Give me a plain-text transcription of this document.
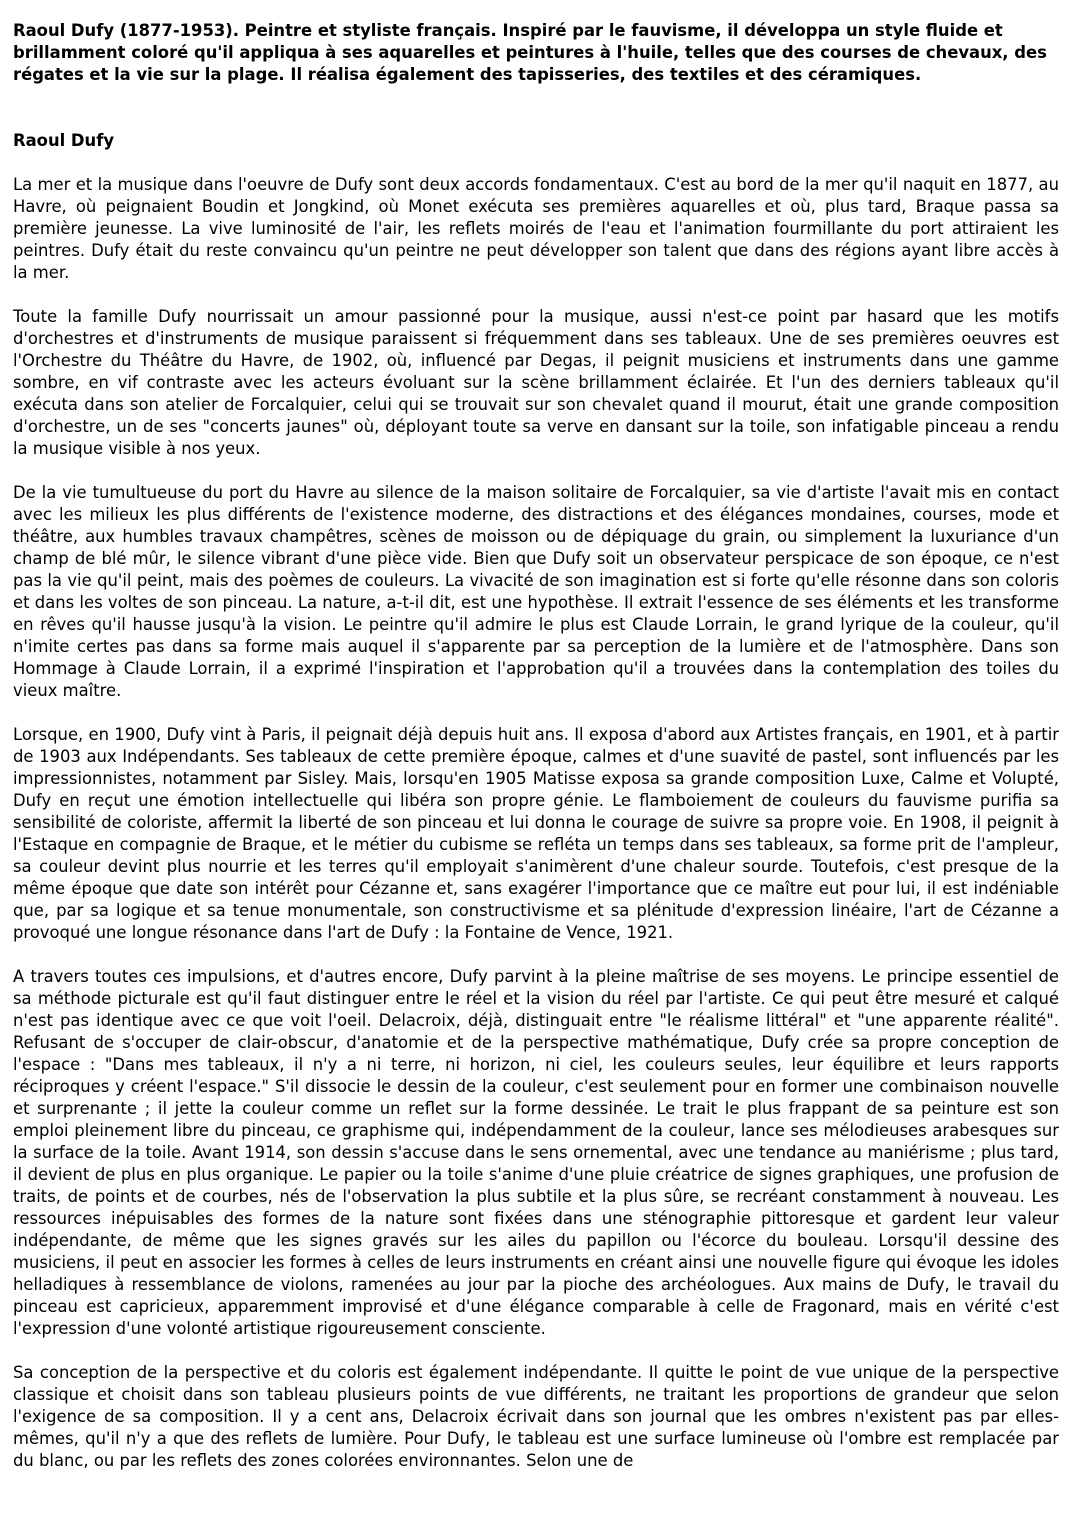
Raoul Dufy (1877-1953). Peintre et styliste français. Inspiré par le fauvisme, il développa un style fluide et brillamment coloré qu'il appliqua à ses aquarelles et peintures à l'huile, telles que des courses de chevaux, des régates et la vie sur la plage. Il réalisa également des tapisseries, des textiles et des céramiques.

Raoul Dufy

La mer et la musique dans l'oeuvre de Dufy sont deux accords fondamentaux. C'est au bord de la mer qu'il naquit en 1877, au Havre, où peignaient Boudin et Jongkind, où Monet exécuta ses premières aquarelles et où, plus tard, Braque passa sa première jeunesse. La vive luminosité de l'air, les reflets moirés de l'eau et l'animation fourmillante du port attiraient les peintres. Dufy était du reste convaincu qu'un peintre ne peut développer son talent que dans des régions ayant libre accès à la mer.

Toute la famille Dufy nourrissait un amour passionné pour la musique, aussi n'est-ce point par hasard que les motifs d'orchestres et d'instruments de musique paraissent si fréquemment dans ses tableaux. Une de ses premières oeuvres est l'Orchestre du Théâtre du Havre, de 1902, où, influencé par Degas, il peignit musiciens et instruments dans une gamme sombre, en vif contraste avec les acteurs évoluant sur la scène brillamment éclairée. Et l'un des derniers tableaux qu'il exécuta dans son atelier de Forcalquier, celui qui se trouvait sur son chevalet quand il mourut, était une grande composition d'orchestre, un de ses "concerts jaunes" où, déployant toute sa verve en dansant sur la toile, son infatigable pinceau a rendu la musique visible à nos yeux.

De la vie tumultueuse du port du Havre au silence de la maison solitaire de Forcalquier, sa vie d'artiste l'avait mis en contact avec les milieux les plus différents de l'existence moderne, des distractions et des élégances mondaines, courses, mode et théâtre, aux humbles travaux champêtres, scènes de moisson ou de dépiquage du grain, ou simplement la luxuriance d'un champ de blé mûr, le silence vibrant d'une pièce vide. Bien que Dufy soit un observateur perspicace de son époque, ce n'est pas la vie qu'il peint, mais des poèmes de couleurs. La vivacité de son imagination est si forte qu'elle résonne dans son coloris et dans les voltes de son pinceau. La nature, a-t-il dit, est une hypothèse. Il extrait l'essence de ses éléments et les transforme en rêves qu'il hausse jusqu'à la vision. Le peintre qu'il admire le plus est Claude Lorrain, le grand lyrique de la couleur, qu'il n'imite certes pas dans sa forme mais auquel il s'apparente par sa perception de la lumière et de l'atmosphère. Dans son Hommage à Claude Lorrain, il a exprimé l'inspiration et l'approbation qu'il a trouvées dans la contemplation des toiles du vieux maître.

Lorsque, en 1900, Dufy vint à Paris, il peignait déjà depuis huit ans. Il exposa d'abord aux Artistes français, en 1901, et à partir de 1903 aux Indépendants. Ses tableaux de cette première époque, calmes et d'une suavité de pastel, sont influencés par les impressionnistes, notamment par Sisley. Mais, lorsqu'en 1905 Matisse exposa sa grande composition Luxe, Calme et Volupté, Dufy en reçut une émotion intellectuelle qui libéra son propre génie. Le flamboiement de couleurs du fauvisme purifia sa sensibilité de coloriste, affermit la liberté de son pinceau et lui donna le courage de suivre sa propre voie. En 1908, il peignit à l'Estaque en compagnie de Braque, et le métier du cubisme se refléta un temps dans ses tableaux, sa forme prit de l'ampleur, sa couleur devint plus nourrie et les terres qu'il employait s'animèrent d'une chaleur sourde. Toutefois, c'est presque de la même époque que date son intérêt pour Cézanne et, sans exagérer l'importance que ce maître eut pour lui, il est indéniable que, par sa logique et sa tenue monumentale, son constructivisme et sa plénitude d'expression linéaire, l'art de Cézanne a provoqué une longue résonance dans l'art de Dufy : la Fontaine de Vence, 1921.

A travers toutes ces impulsions, et d'autres encore, Dufy parvint à la pleine maîtrise de ses moyens. Le principe essentiel de sa méthode picturale est qu'il faut distinguer entre le réel et la vision du réel par l'artiste. Ce qui peut être mesuré et calqué n'est pas identique avec ce que voit l'oeil. Delacroix, déjà, distinguait entre "le réalisme littéral" et "une apparente réalité". Refusant de s'occuper de clair-obscur, d'anatomie et de la perspective mathématique, Dufy crée sa propre conception de l'espace : "Dans mes tableaux, il n'y a ni terre, ni horizon, ni ciel, les couleurs seules, leur équilibre et leurs rapports réciproques y créent l'espace." S'il dissocie le dessin de la couleur, c'est seulement pour en former une combinaison nouvelle et surprenante ; il jette la couleur comme un reflet sur la forme dessinée. Le trait le plus frappant de sa peinture est son emploi pleinement libre du pinceau, ce graphisme qui, indépendamment de la couleur, lance ses mélodieuses arabesques sur la surface de la toile. Avant 1914, son dessin s'accuse dans le sens ornemental, avec une tendance au maniérisme ; plus tard, il devient de plus en plus organique. Le papier ou la toile s'anime d'une pluie créatrice de signes graphiques, une profusion de traits, de points et de courbes, nés de l'observation la plus subtile et la plus sûre, se recréant constamment à nouveau. Les ressources inépuisables des formes de la nature sont fixées dans une sténographie pittoresque et gardent leur valeur indépendante, de même que les signes gravés sur les ailes du papillon ou l'écorce du bouleau. Lorsqu'il dessine des musiciens, il peut en associer les formes à celles de leurs instruments en créant ainsi une nouvelle figure qui évoque les idoles helladiques à ressemblance de violons, ramenées au jour par la pioche des archéologues. Aux mains de Dufy, le travail du pinceau est capricieux, apparemment improvisé et d'une élégance comparable à celle de Fragonard, mais en vérité c'est l'expression d'une volonté artistique rigoureusement consciente.

Sa conception de la perspective et du coloris est également indépendante. Il quitte le point de vue unique de la perspective classique et choisit dans son tableau plusieurs points de vue différents, ne traitant les proportions de grandeur que selon l'exigence de sa composition. Il y a cent ans, Delacroix écrivait dans son journal que les ombres n'existent pas par elles-mêmes, qu'il n'y a que des reflets de lumière. Pour Dufy, le tableau est une surface lumineuse où l'ombre est remplacée par du blanc, ou par les reflets des zones colorées environnantes. Selon une de
